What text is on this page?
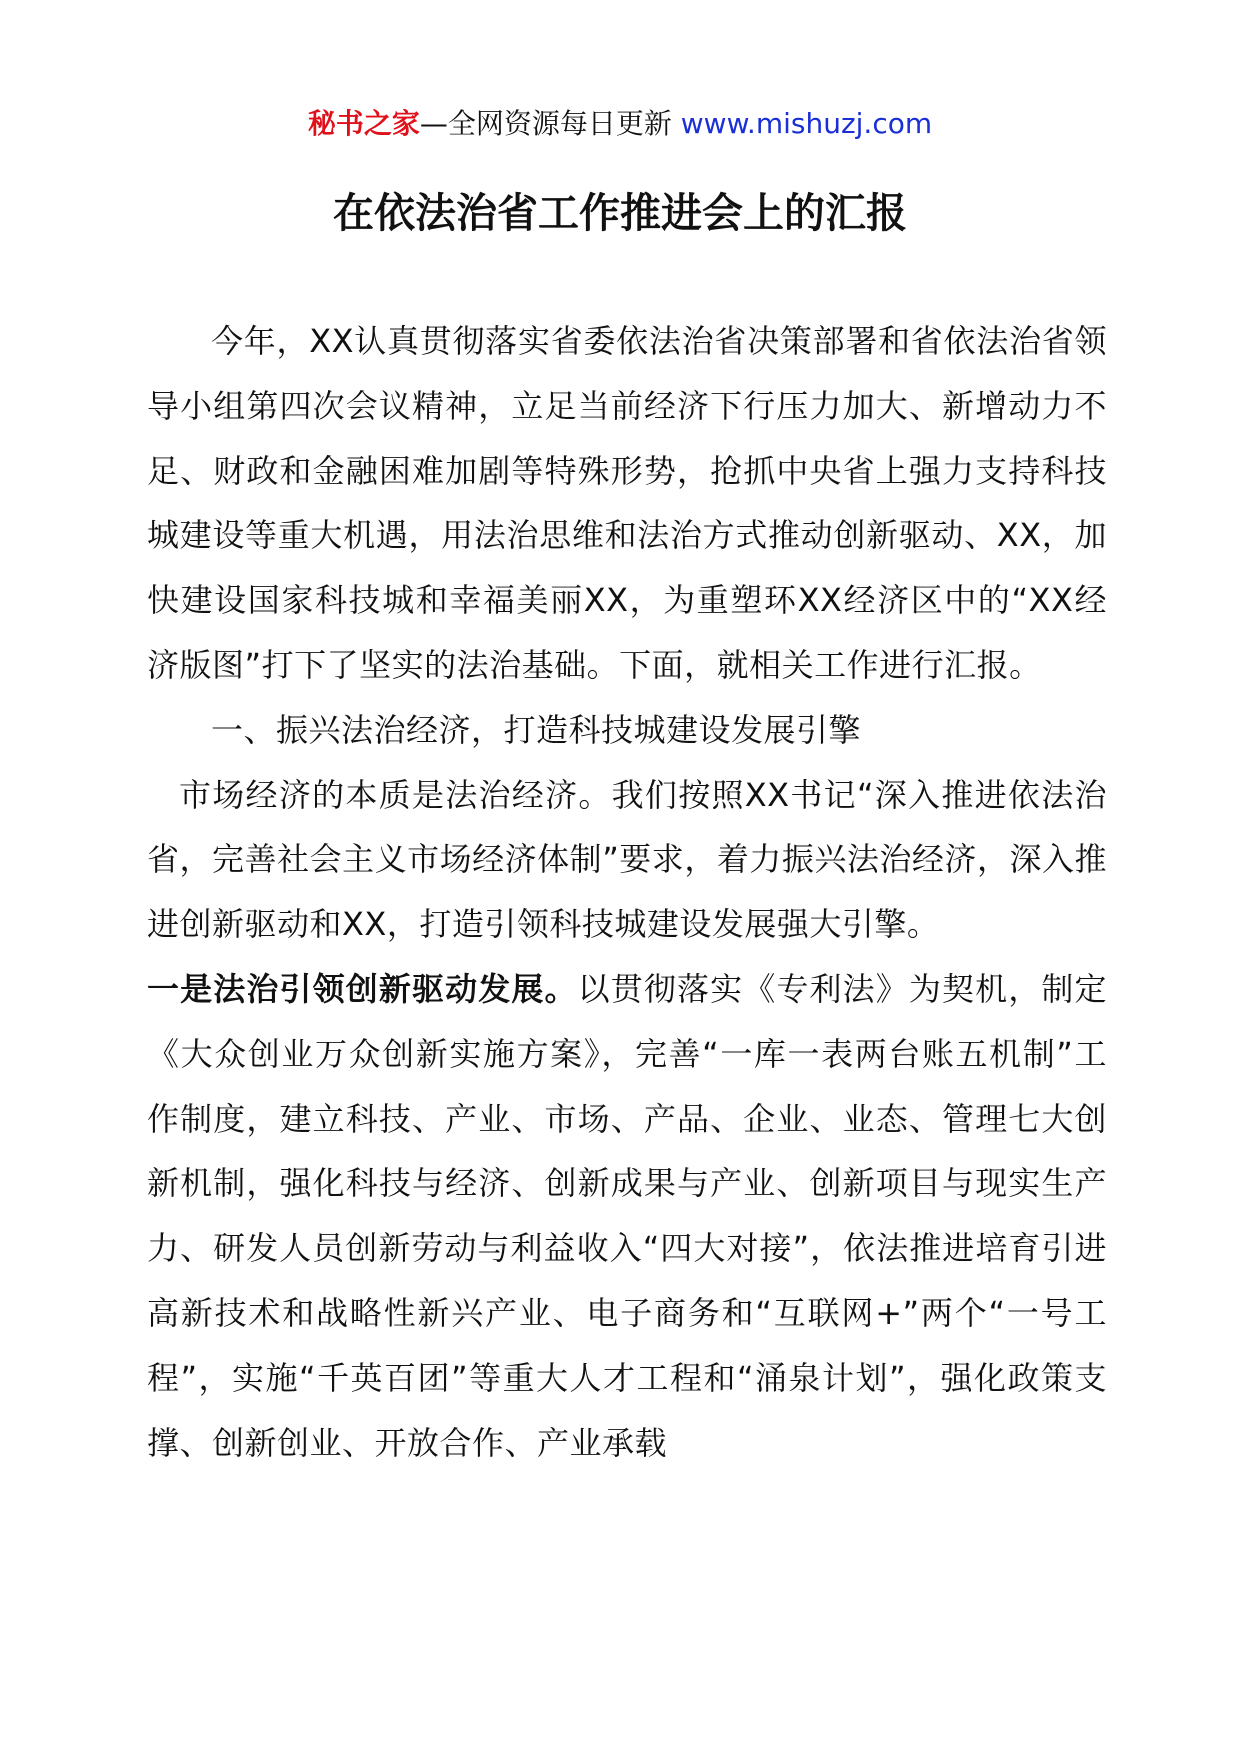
秘书之家—全网资源每日更新 www.mishuzj.com
在依法治省工作推进会上的汇报

今年，XX认真贯彻落实省委依法治省决策部署和省依法治省领导小组第四次会议精神，立足当前经济下行压力加大、新增动力不足、财政和金融困难加剧等特殊形势，抢抓中央省上强力支持科技城建设等重大机遇，用法治思维和法治方式推动创新驱动、XX，加快建设国家科技城和幸福美丽XX，为重塑环XX经济区中的“XX经济版图”打下了坚实的法治基础。下面，就相关工作进行汇报。

一、振兴法治经济，打造科技城建设发展引擎

市场经济的本质是法治经济。我们按照XX书记“深入推进依法治省，完善社会主义市场经济体制”要求，着力振兴法治经济，深入推进创新驱动和XX，打造引领科技城建设发展强大引擎。

一是法治引领创新驱动发展。以贯彻落实《专利法》为契机，制定《大众创业万众创新实施方案》，完善“一库一表两台账五机制”工作制度，建立科技、产业、市场、产品、企业、业态、管理七大创新机制，强化科技与经济、创新成果与产业、创新项目与现实生产力、研发人员创新劳动与利益收入“四大对接”，依法推进培育引进高新技术和战略性新兴产业、电子商务和“互联网+”两个“一号工程”，实施“千英百团”等重大人才工程和“涌泉计划”，强化政策支撑、创新创业、开放合作、产业承载
